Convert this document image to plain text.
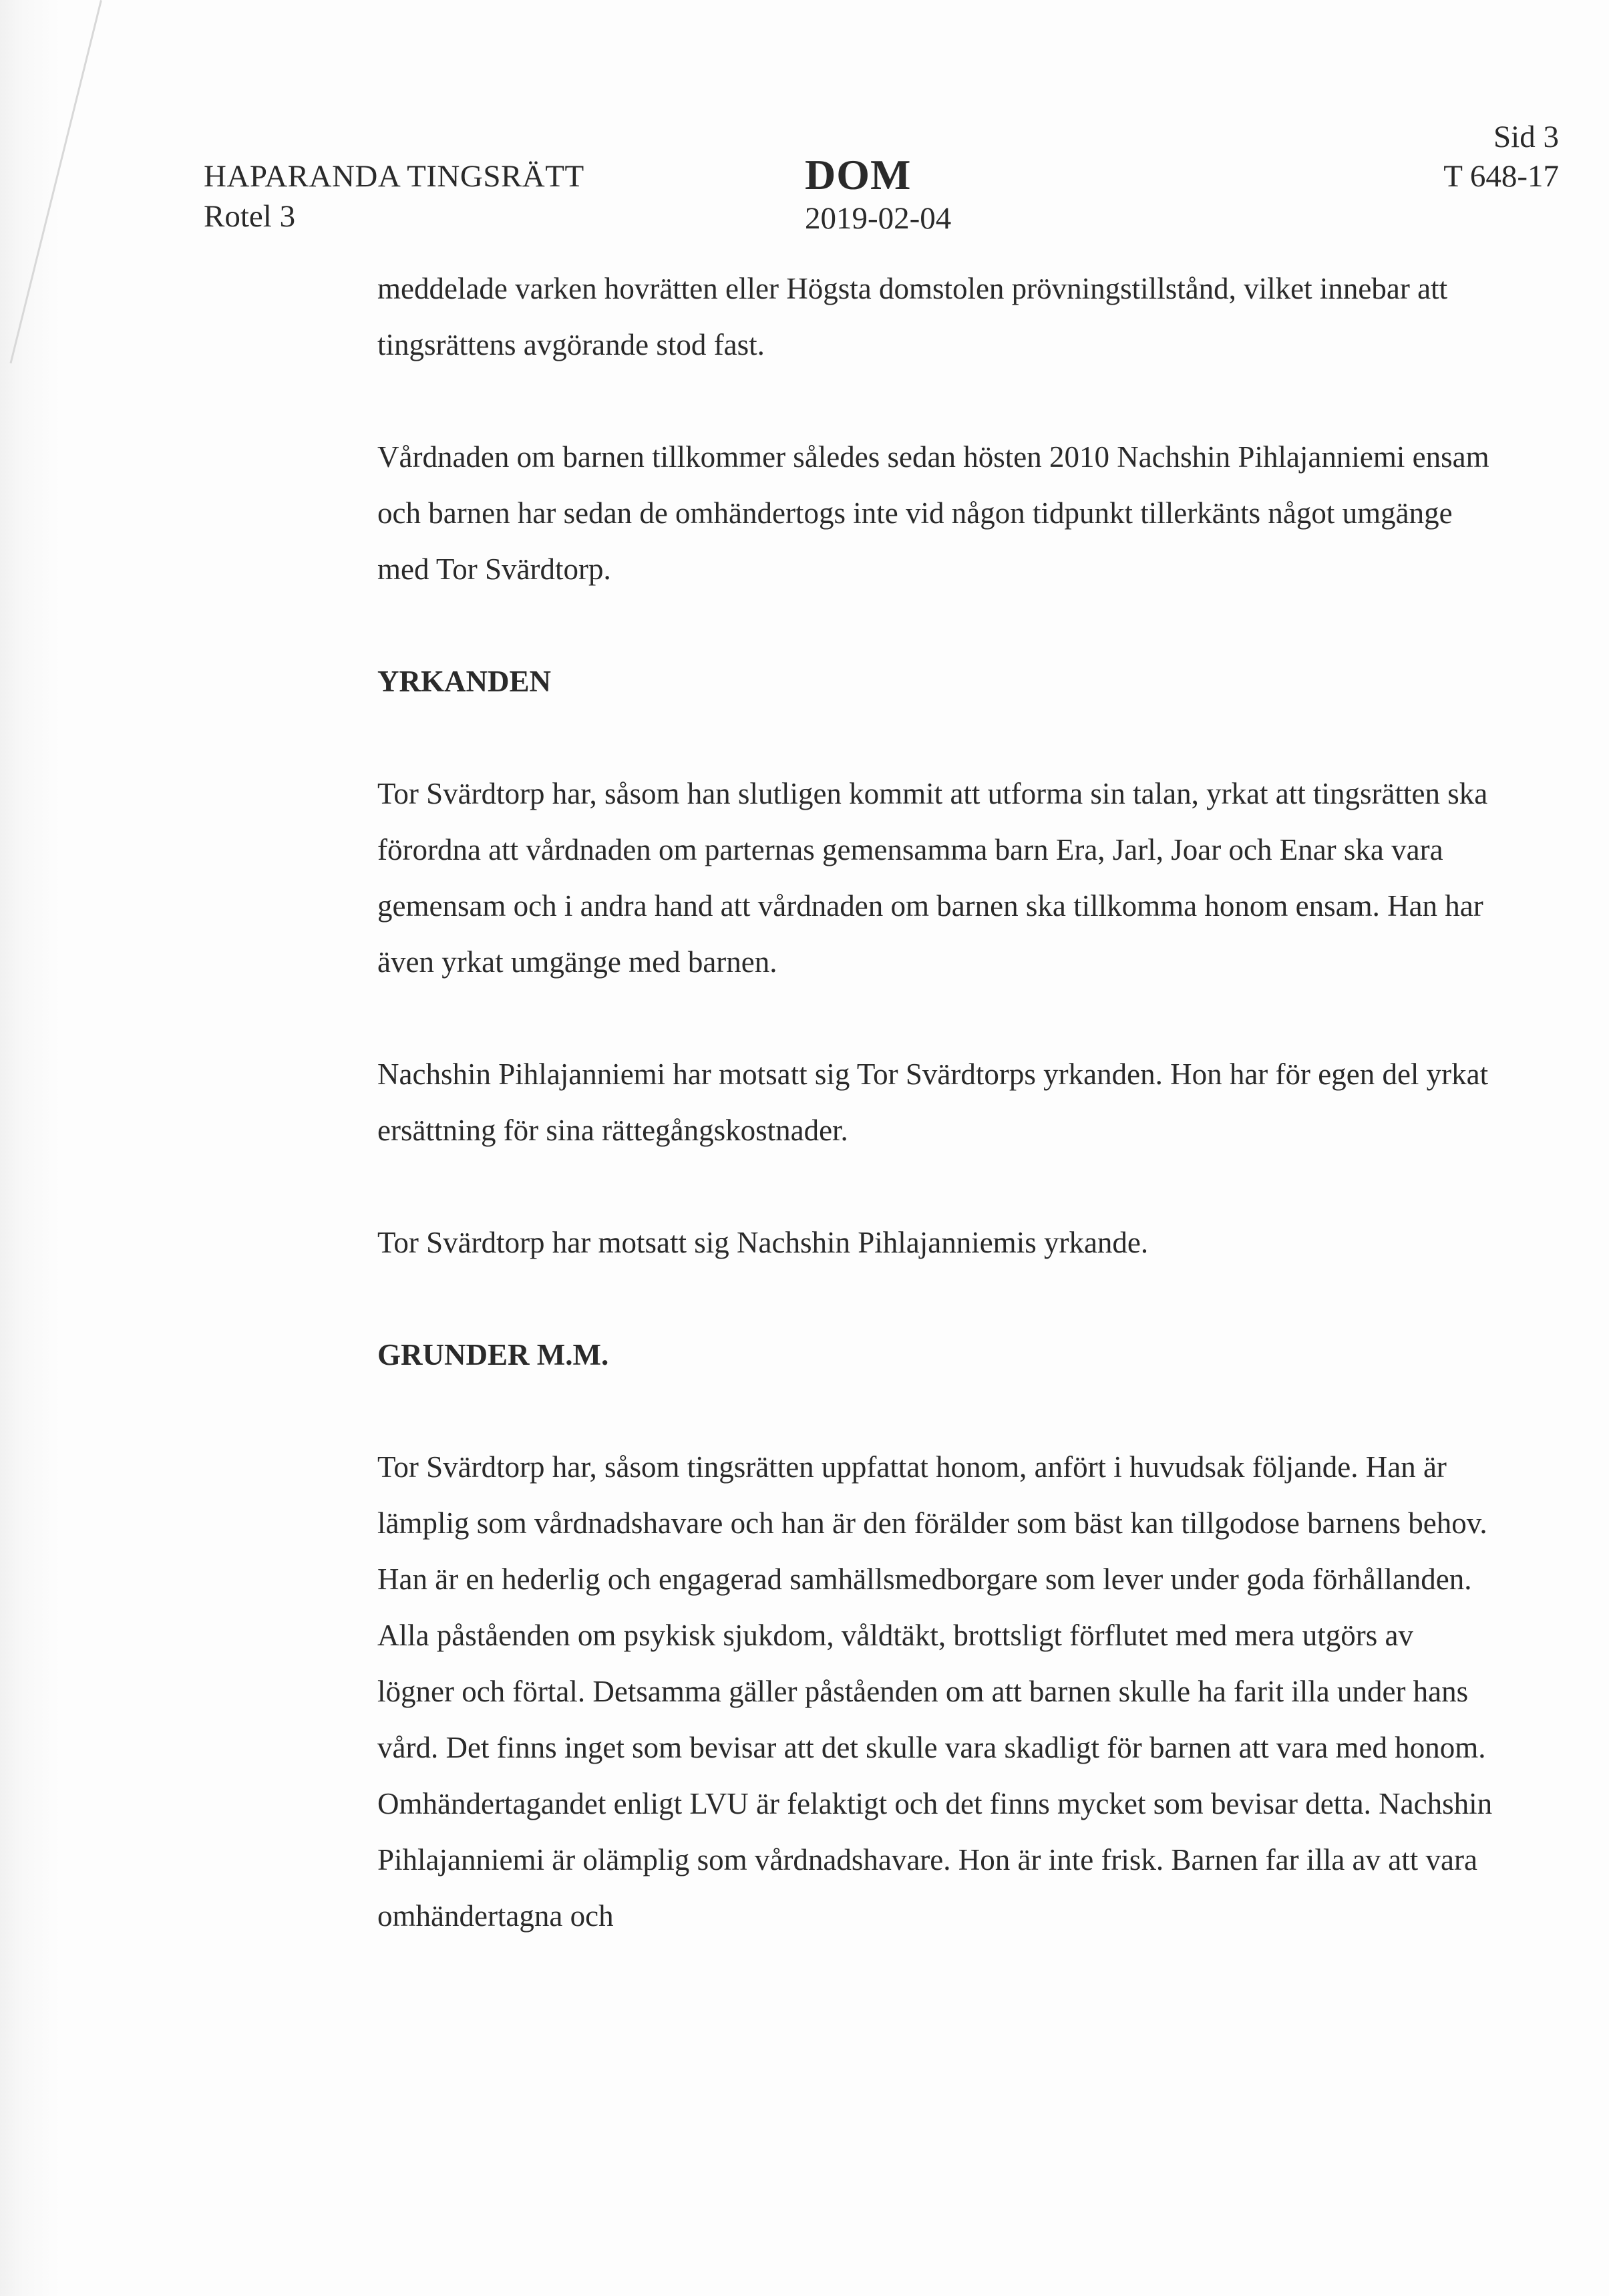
HAPARANDA TINGSRÄTT
Rotel 3
DOM
2019-02-04
Sid 3
T 648-17

meddelade varken hovrätten eller Högsta domstolen prövningstillstånd, vilket innebar att tingsrättens avgörande stod fast.

Vårdnaden om barnen tillkommer således sedan hösten 2010 Nachshin Pihlajanniemi ensam och barnen har sedan de omhändertogs inte vid någon tidpunkt tillerkänts något umgänge med Tor Svärdtorp.

YRKANDEN

Tor Svärdtorp har, såsom han slutligen kommit att utforma sin talan, yrkat att tingsrätten ska förordna att vårdnaden om parternas gemensamma barn Era, Jarl, Joar och Enar ska vara gemensam och i andra hand att vårdnaden om barnen ska tillkomma honom ensam. Han har även yrkat umgänge med barnen.

Nachshin Pihlajanniemi har motsatt sig Tor Svärdtorps yrkanden. Hon har för egen del yrkat ersättning för sina rättegångskostnader.

Tor Svärdtorp har motsatt sig Nachshin Pihlajanniemis yrkande.

GRUNDER M.M.

Tor Svärdtorp har, såsom tingsrätten uppfattat honom, anfört i huvudsak följande. Han är lämplig som vårdnadshavare och han är den förälder som bäst kan tillgodose barnens behov. Han är en hederlig och engagerad samhällsmedborgare som lever under goda förhållanden. Alla påståenden om psykisk sjukdom, våldtäkt, brottsligt förflutet med mera utgörs av lögner och förtal. Detsamma gäller påståenden om att barnen skulle ha farit illa under hans vård. Det finns inget som bevisar att det skulle vara skadligt för barnen att vara med honom. Omhändertagandet enligt LVU är felaktigt och det finns mycket som bevisar detta. Nachshin Pihlajanniemi är olämplig som vårdnadshavare. Hon är inte frisk. Barnen far illa av att vara omhändertagna och
